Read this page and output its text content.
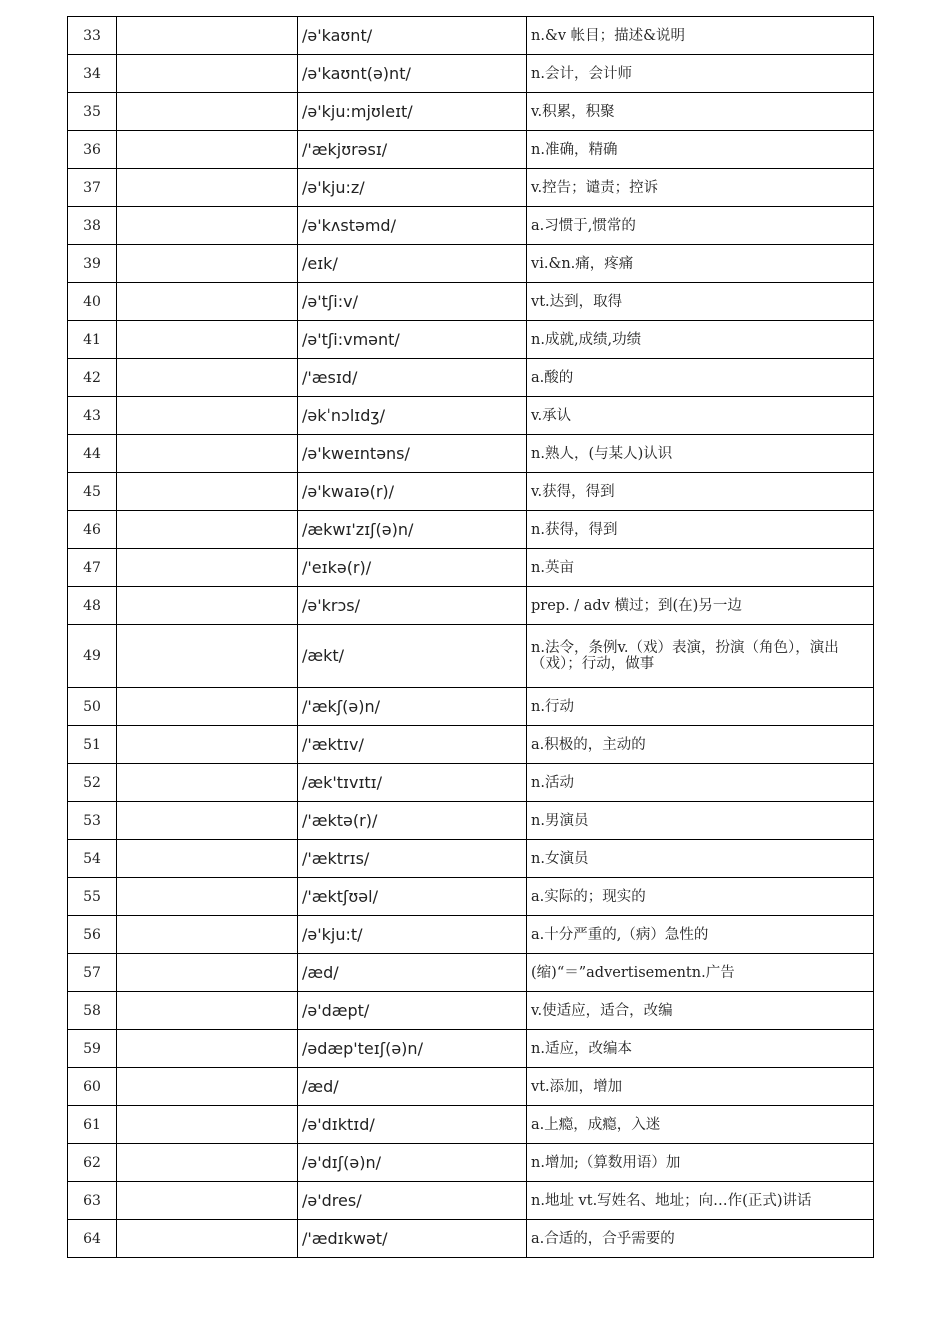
33		/ə'kaʊnt/	n.&v 帐目；描述&说明
34		/ə'kaʊnt(ə)nt/	n.会计，会计师
35		/ə'kju:mjʊleɪt/	v.积累，积聚
36		/'ækjʊrəsɪ/	n.准确，精确
37		/ə'kju:z/	v.控告；谴责；控诉
38		/ə'kʌstəmd/	a.习惯于,惯常的
39		/eɪk/	vi.&n.痛，疼痛
40		/ə'tʃi:v/	vt.达到，取得
41		/ə'tʃi:vmənt/	n.成就,成绩,功绩
42		/'æsɪd/	a.酸的
43		/əkˈnɔlɪdʒ/	v.承认
44		/ə'kweɪntəns/	n.熟人，(与某人)认识
45		/ə'kwaɪə(r)/	v.获得，得到
46		/ækwɪ'zɪʃ(ə)n/	n.获得，得到
47		/'eɪkə(r)/	n.英亩
48		/ə'krɔs/	prep. / adv 横过；到(在)另一边
49		/ækt/	n.法令，条例v.（戏）表演，扮演（角色），演出（戏）；行动，做事
50		/'ækʃ(ə)n/	n.行动
51		/'æktɪv/	a.积极的，主动的
52		/æk'tɪvɪtɪ/	n.活动
53		/'æktə(r)/	n.男演员
54		/'æktrɪs/	n.女演员
55		/'æktʃʊəl/	a.实际的；现实的
56		/ə'kju:t/	a.十分严重的,（病）急性的
57		/æd/	(缩)“＝”advertisementn.广告
58		/ə'dæpt/	v.使适应，适合，改编
59		/ədæp'teɪʃ(ə)n/	n.适应，改编本
60		/æd/	vt.添加，增加
61		/ə'dɪktɪd/	a.上瘾，成瘾，入迷
62		/ə'dɪʃ(ə)n/	n.增加;（算数用语）加
63		/ə'dres/	n.地址 vt.写姓名、地址；向…作(正式)讲话
64		/'ædɪkwət/	a.合适的，合乎需要的
